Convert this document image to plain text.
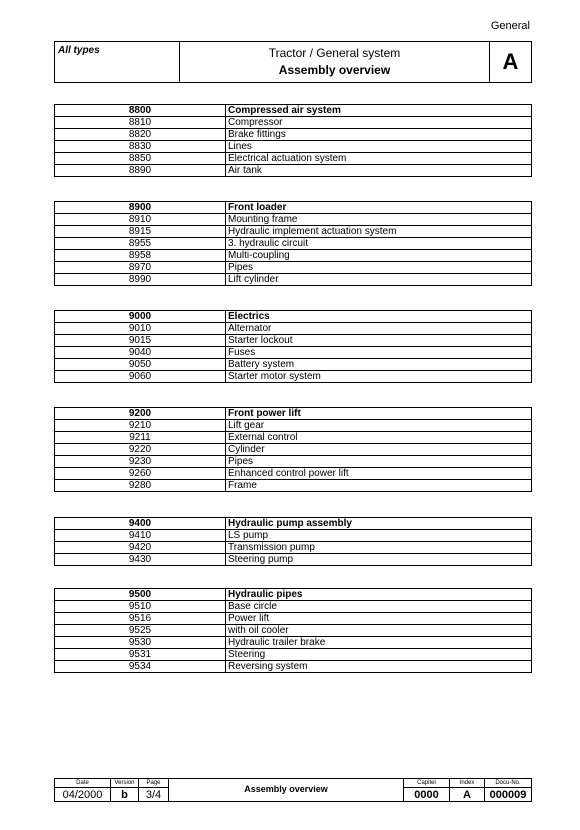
General
All types	Tractor / General system
Assembly overview	A
8800	Compressed air system
8810	Compressor
8820	Brake fittings
8830	Lines
8850	Electrical actuation system
8890	Air tank
8900	Front loader
8910	Mounting frame
8915	Hydraulic implement actuation system
8955	3. hydraulic circuit
8958	Multi-coupling
8970	Pipes
8990	Lift cylinder
9000	Electrics
9010	Alternator
9015	Starter lockout
9040	Fuses
9050	Battery system
9060	Starter motor system
9200	Front power lift
9210	Lift gear
9211	External control
9220	Cylinder
9230	Pipes
9260	Enhanced control power lift
9280	Frame
9400	Hydraulic pump assembly
9410	LS pump
9420	Transmission pump
9430	Steering pump
9500	Hydraulic pipes
9510	Base circle
9516	Power lift
9525	with oil cooler
9530	Hydraulic trailer brake
9531	Steering
9534	Reversing system
Date
04/2000
Version
b
Page
3/4	Assembly overview
Capitel
0000
Index
A
Docu-No.
000009
